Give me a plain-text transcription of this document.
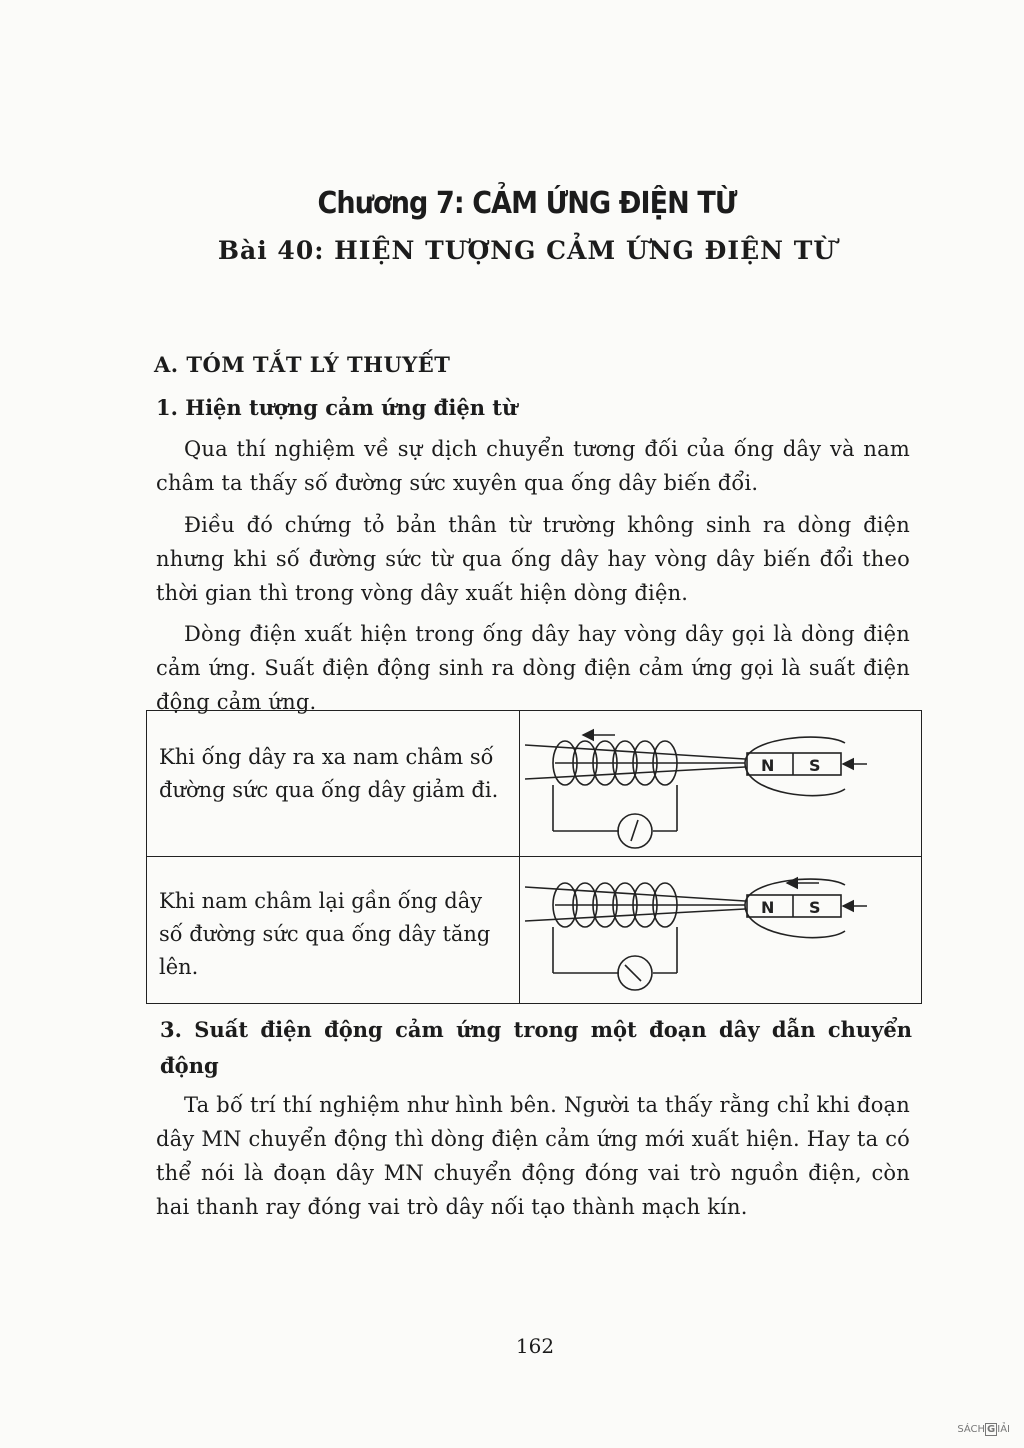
Chương 7: CẢM ỨNG ĐIỆN TỪ
Bài 40: HIỆN TƯỢNG CẢM ỨNG ĐIỆN TỪ
A. TÓM TẮT LÝ THUYẾT
1. Hiện tượng cảm ứng điện từ
Qua thí nghiệm về sự dịch chuyển tương đối của ống dây và nam châm ta thấy số đường sức xuyên qua ống dây biến đổi.
Điều đó chứng tỏ bản thân từ trường không sinh ra dòng điện nhưng khi số đường sức từ qua ống dây hay vòng dây biến đổi theo thời gian thì trong vòng dây xuất hiện dòng điện.
Dòng điện xuất hiện trong ống dây hay vòng dây gọi là dòng điện cảm ứng. Suất điện động sinh ra dòng điện cảm ứng gọi là suất điện động cảm ứng.
Khi ống dây ra xa nam châm số đường sức qua ống dây giảm đi.
Khi nam châm lại gần ống dây số đường sức qua ống dây tăng lên.
N S
N S
3. Suất điện động cảm ứng trong một đoạn dây dẫn chuyển động
Ta bố trí thí nghiệm như hình bên. Người ta thấy rằng chỉ khi đoạn dây MN chuyển động thì dòng điện cảm ứng mới xuất hiện. Hay ta có thể nói là đoạn dây MN chuyển động đóng vai trò nguồn điện, còn hai thanh ray đóng vai trò dây nối tạo thành mạch kín.
162
SÁCH G IẢI
